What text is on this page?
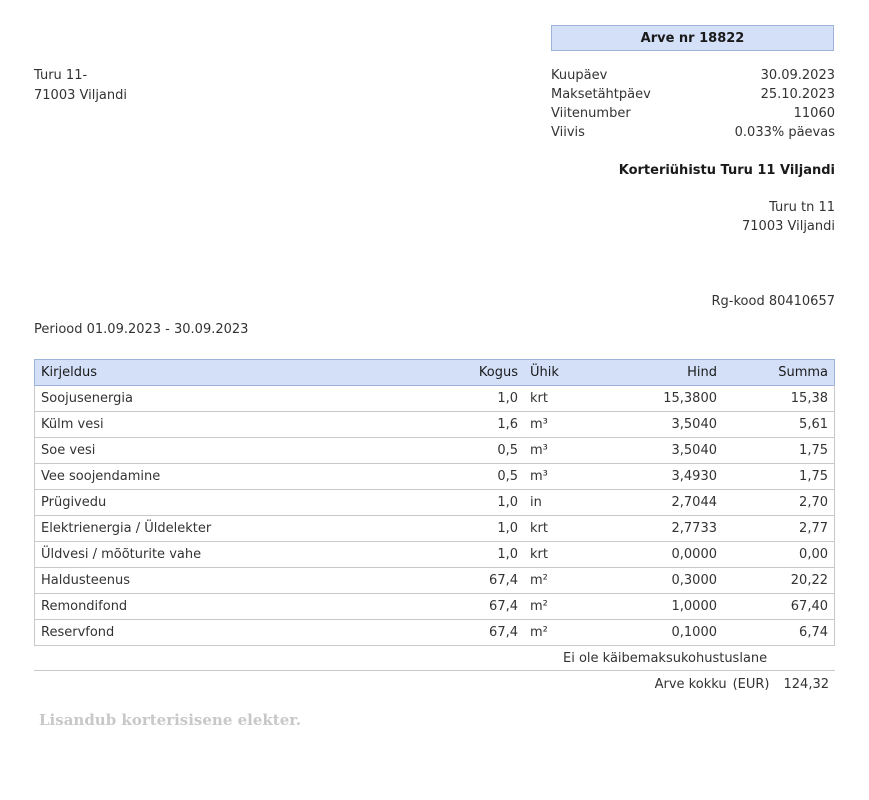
Arve nr 18822
Turu 11-
71003 Viljandi
Kuupäev	30.09.2023
Maksetähtpäev	25.10.2023
Viitenumber	11060
Viivis	0.033% päevas
Korteriühistu Turu 11 Viljandi
Turu tn 11
71003 Viljandi
Rg-kood 80410657
Periood 01.09.2023 - 30.09.2023
Kirjeldus	Kogus	Ühik	Hind	Summa
Soojusenergia	1,0	krt	15,3800	15,38
Külm vesi	1,6	m³	3,5040	5,61
Soe vesi	0,5	m³	3,5040	1,75
Vee soojendamine	0,5	m³	3,4930	1,75
Prügivedu	1,0	in	2,7044	2,70
Elektrienergia / Üldelekter	1,0	krt	2,7733	2,77
Üldvesi / mõõturite vahe	1,0	krt	0,0000	0,00
Haldusteenus	67,4	m²	0,3000	20,22
Remondifond	67,4	m²	1,0000	67,40
Reservfond	67,4	m²	0,1000	6,74
Ei ole käibemaksukohustuslane
Arve kokku (EUR) 124,32
Lisandub korterisisene elekter.
